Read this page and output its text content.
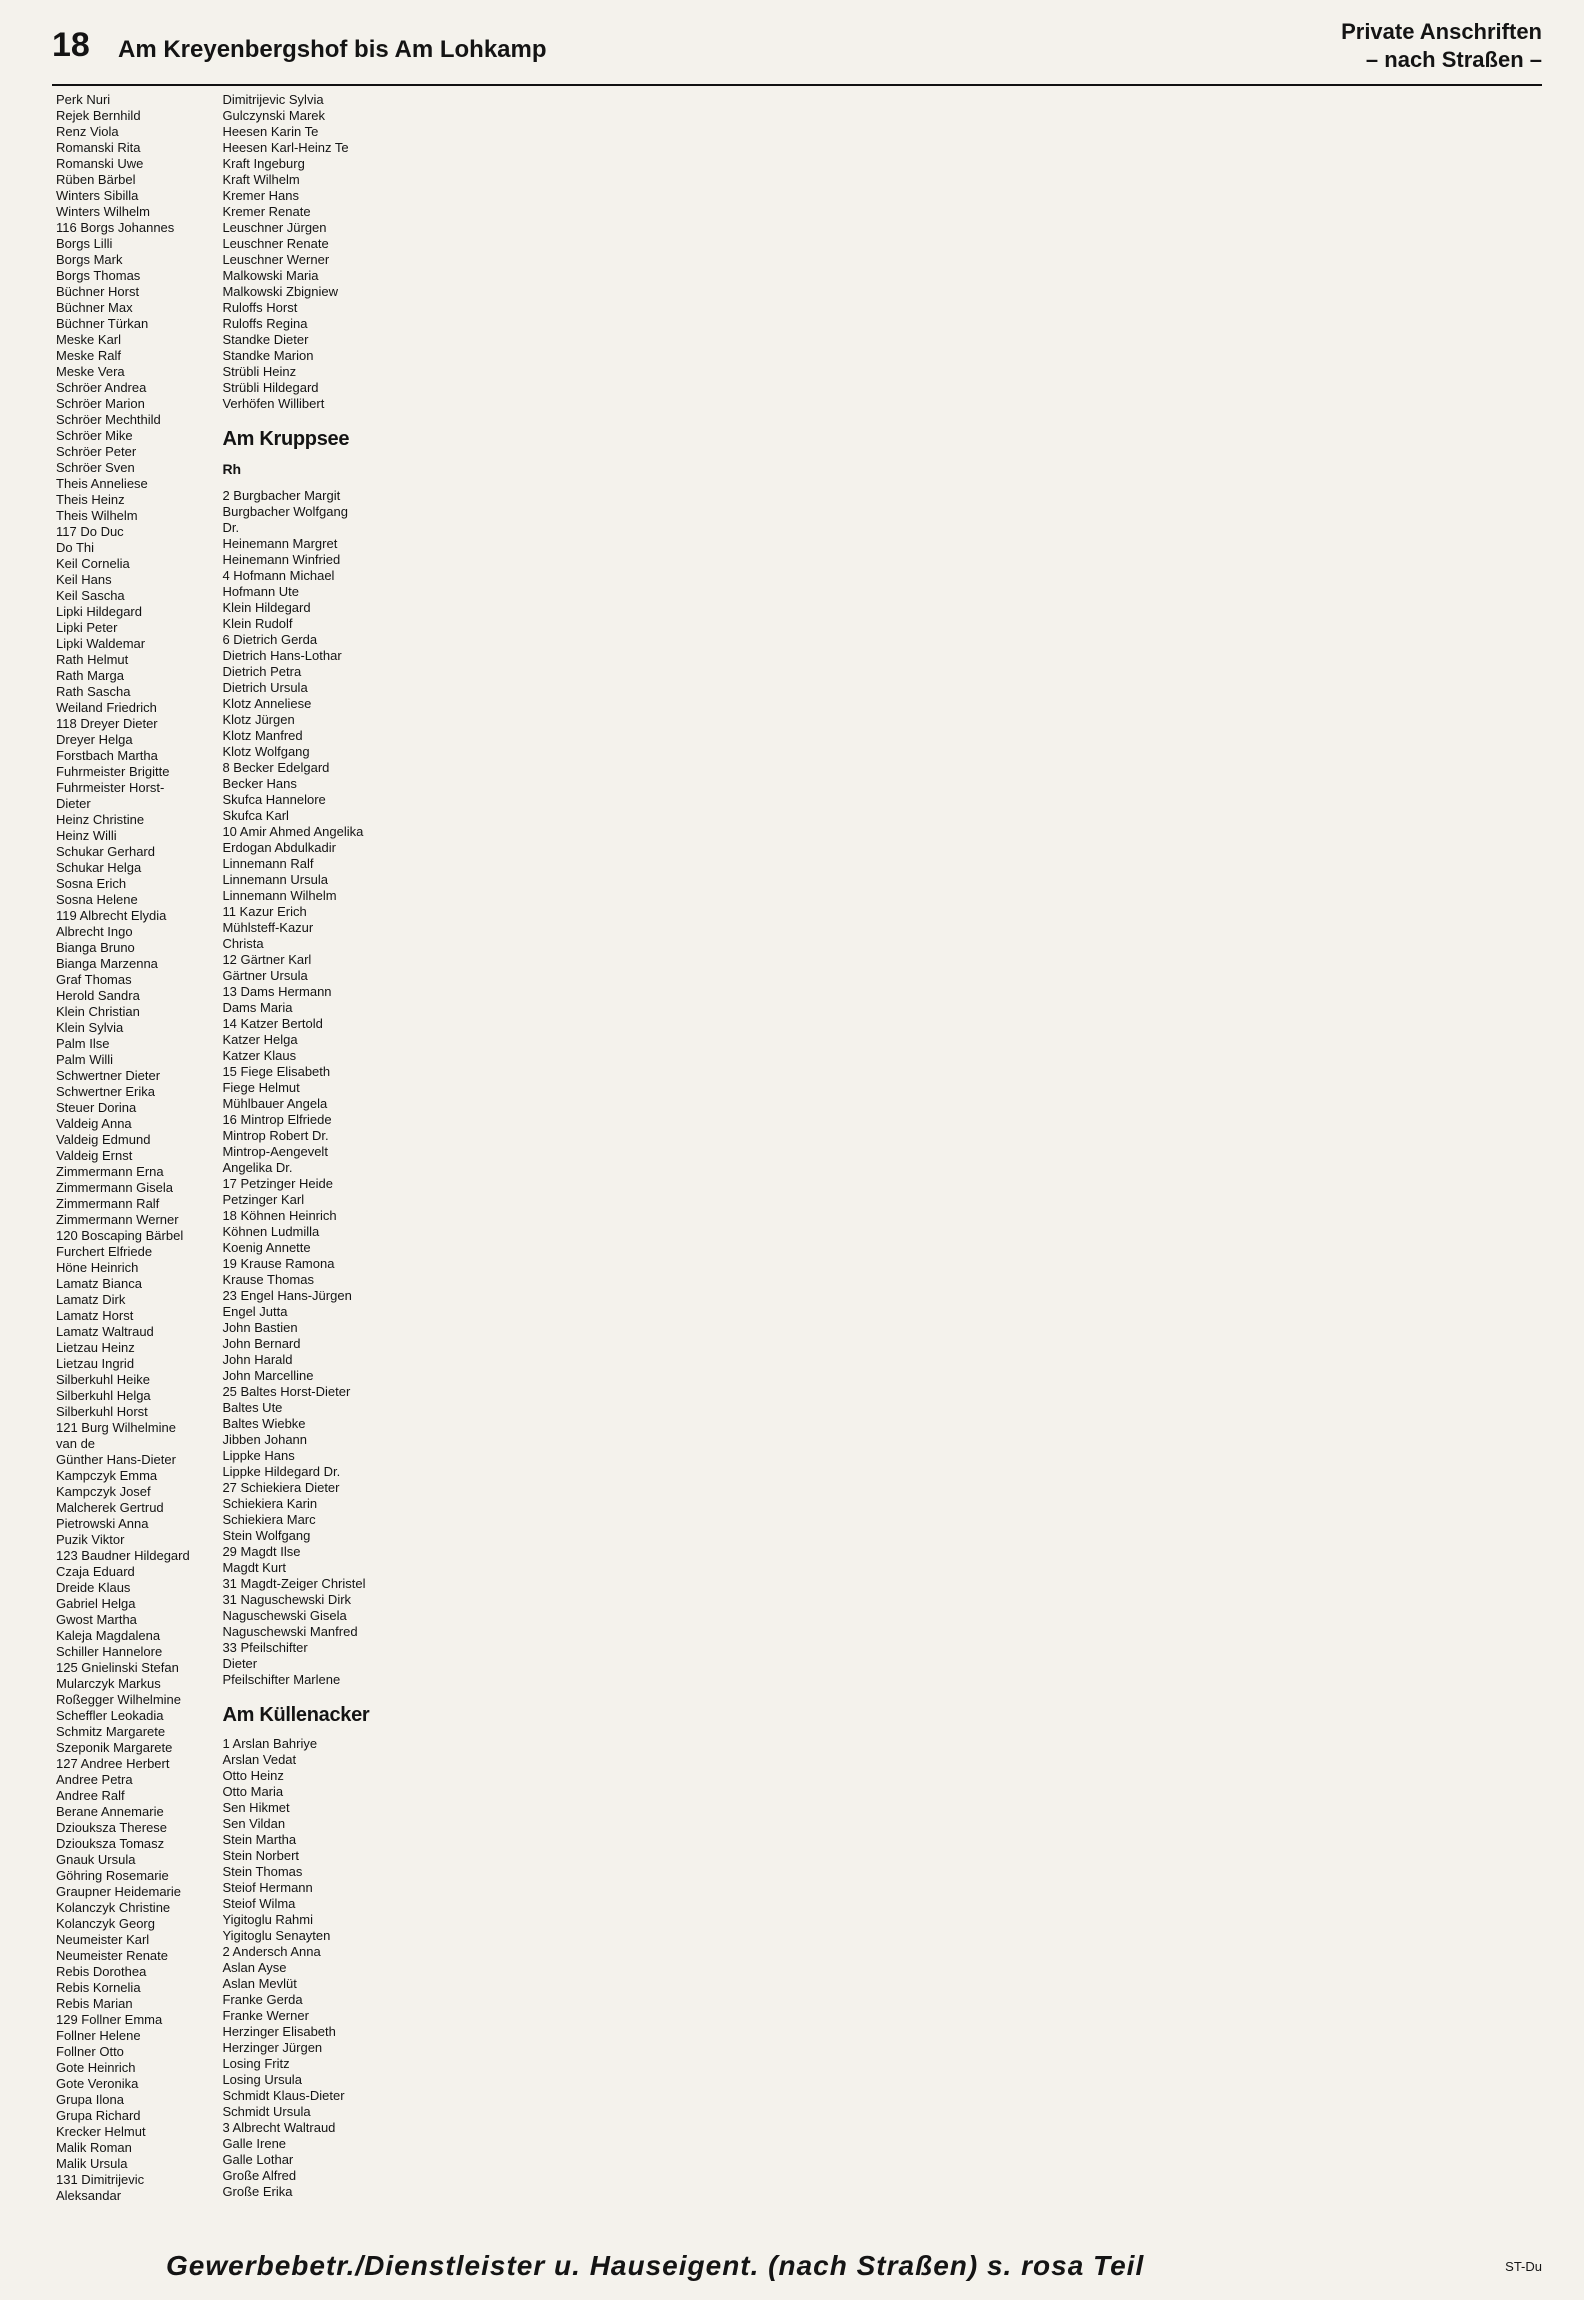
18 Am Kreyenbergshof bis Am Lohkamp
Private Anschriften
– nach Straßen –
Perk Nuri
Rejek Bernhild
Renz Viola
Romanski Rita
Romanski Uwe
Rüben Bärbel
Winters Sibilla
Winters Wilhelm
116 Borgs Johannes
Borgs Lilli
Borgs Mark
Borgs Thomas
Büchner Horst
Büchner Max
Büchner Türkan
Meske Karl
Meske Ralf
Meske Vera
Schröer Andrea
Schröer Marion
Schröer Mechthild
Schröer Mike
Schröer Peter
Schröer Sven
Theis Anneliese
Theis Heinz
Theis Wilhelm
117 Do Duc
Do Thi
Keil Cornelia
Keil Hans
Keil Sascha
Lipki Hildegard
Lipki Peter
Lipki Waldemar
Rath Helmut
Rath Marga
Rath Sascha
Weiland Friedrich
118 Dreyer Dieter
Dreyer Helga
Forstbach Martha
Fuhrmeister Brigitte
Fuhrmeister Horst-
Dieter
Heinz Christine
Heinz Willi
Schukar Gerhard
Schukar Helga
Sosna Erich
Sosna Helene
119 Albrecht Elydia
Albrecht Ingo
Bianga Bruno
Bianga Marzenna
Graf Thomas
Herold Sandra
Klein Christian
Klein Sylvia
Palm Ilse
Palm Willi
Schwertner Dieter
Schwertner Erika
Steuer Dorina
Valdeig Anna
Valdeig Edmund
Valdeig Ernst
Zimmermann Erna
Zimmermann Gisela
Zimmermann Ralf
Zimmermann Werner
120 Boscaping Bärbel
Furchert Elfriede
Höne Heinrich
Lamatz Bianca
Lamatz Dirk
Lamatz Horst
Lamatz Waltraud
Lietzau Heinz
Lietzau Ingrid
Silberkuhl Heike
Silberkuhl Helga
Silberkuhl Horst
121 Burg Wilhelmine
van de
Günther Hans-Dieter
Kampczyk Emma
Kampczyk Josef
Malcherek Gertrud
Pietrowski Anna
Puzik Viktor
123 Baudner Hildegard
Czaja Eduard
Dreide Klaus
Gabriel Helga
Gwost Martha
Kaleja Magdalena
Schiller Hannelore
125 Gnielinski Stefan
Mularczyk Markus
Roßegger Wilhelmine
Scheffler Leokadia
Schmitz Margarete
Szeponik Margarete
127 Andree Herbert
Andree Petra
Andree Ralf
Berane Annemarie
Dziouksza Therese
Dziouksza Tomasz
Gnauk Ursula
Göhring Rosemarie
Graupner Heidemarie
Kolanczyk Christine
Kolanczyk Georg
Neumeister Karl
Neumeister Renate
Rebis Dorothea
Rebis Kornelia
Rebis Marian
129 Follner Emma
Follner Helene
Follner Otto
Gote Heinrich
Gote Veronika
Grupa Ilona
Grupa Richard
Krecker Helmut
Malik Roman
Malik Ursula
131 Dimitrijevic
Aleksandar
Dimitrijevic Sylvia
Gulczynski Marek
Heesen Karin Te
Heesen Karl-Heinz Te
Kraft Ingeburg
Kraft Wilhelm
Kremer Hans
Kremer Renate
Leuschner Jürgen
Leuschner Renate
Leuschner Werner
Malkowski Maria
Malkowski Zbigniew
Ruloffs Horst
Ruloffs Regina
Standke Dieter
Standke Marion
Strübli Heinz
Strübli Hildegard
Verhöfen Willibert
Am Kruppsee
Rh
2 Burgbacher Margit
Burgbacher Wolfgang
Dr.
Heinemann Margret
Heinemann Winfried
4 Hofmann Michael
Hofmann Ute
Klein Hildegard
Klein Rudolf
6 Dietrich Gerda
Dietrich Hans-Lothar
Dietrich Petra
Dietrich Ursula
Klotz Anneliese
Klotz Jürgen
Klotz Manfred
Klotz Wolfgang
8 Becker Edelgard
Becker Hans
Skufca Hannelore
Skufca Karl
10 Amir Ahmed Angelika
Erdogan Abdulkadir
Linnemann Ralf
Linnemann Ursula
Linnemann Wilhelm
11 Kazur Erich
Mühlsteff-Kazur
Christa
12 Gärtner Karl
Gärtner Ursula
13 Dams Hermann
Dams Maria
14 Katzer Bertold
Katzer Helga
Katzer Klaus
15 Fiege Elisabeth
Fiege Helmut
Mühlbauer Angela
16 Mintrop Elfriede
Mintrop Robert Dr.
Mintrop-Aengevelt
Angelika Dr.
17 Petzinger Heide
Petzinger Karl
18 Köhnen Heinrich
Köhnen Ludmilla
Koenig Annette
19 Krause Ramona
Krause Thomas
23 Engel Hans-Jürgen
Engel Jutta
John Bastien
John Bernard
John Harald
John Marcelline
25 Baltes Horst-Dieter
Baltes Ute
Baltes Wiebke
Jibben Johann
Lippke Hans
Lippke Hildegard Dr.
27 Schiekiera Dieter
Schiekiera Karin
Schiekiera Marc
Stein Wolfgang
29 Magdt Ilse
Magdt Kurt
31 Magdt-Zeiger Christel
31 Naguschewski Dirk
Naguschewski Gisela
Naguschewski Manfred
33 Pfeilschifter
Dieter
Pfeilschifter Marlene
Am Küllenacker
1 Arslan Bahriye
Arslan Vedat
Otto Heinz
Otto Maria
Sen Hikmet
Sen Vildan
Stein Martha
Stein Norbert
Stein Thomas
Steiof Hermann
Steiof Wilma
Yigitoglu Rahmi
Yigitoglu Senayten
2 Andersch Anna
Aslan Ayse
Aslan Mevlüt
Franke Gerda
Franke Werner
Herzinger Elisabeth
Herzinger Jürgen
Losing Fritz
Losing Ursula
Schmidt Klaus-Dieter
Schmidt Ursula
3 Albrecht Waltraud
Galle Irene
Galle Lothar
Große Alfred
Große Erika
Gewerbebetr./Dienstleister u. Hauseigent. (nach Straßen) s. rosa Teil	ST-Du
